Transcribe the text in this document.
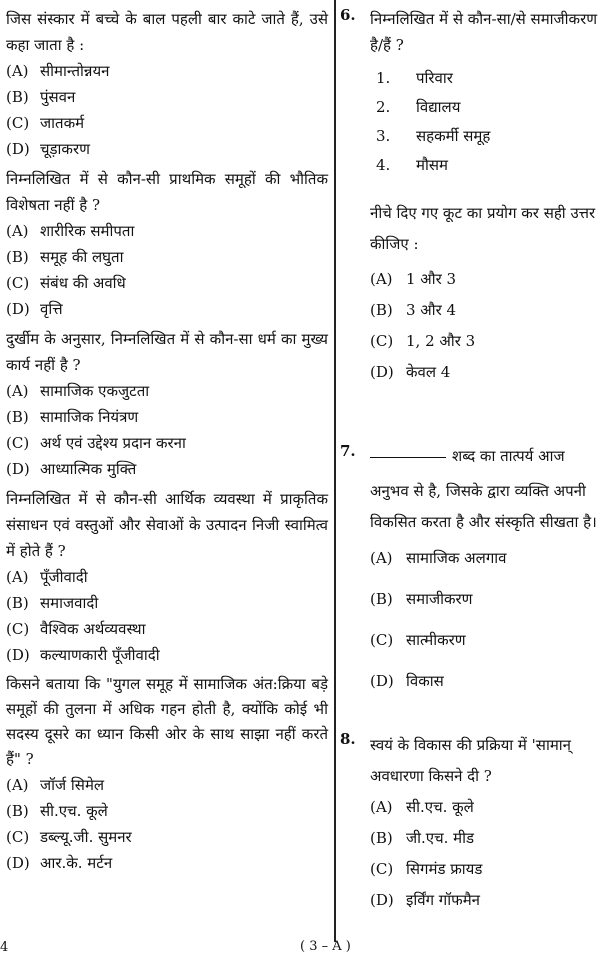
जिस संस्कार में बच्चे के बाल पहली बार काटे जाते हैं, उसे कहा जाता है :
(A) सीमान्तोन्नयन
(B) पुंसवन
(C) जातकर्म
(D) चूड़ाकरण
निम्नलिखित में से कौन-सी प्राथमिक समूहों की भौतिक विशेषता नहीं है ?
(A) शारीरिक समीपता
(B) समूह की लघुता
(C) संबंध की अवधि
(D) वृत्ति
दुर्खीम के अनुसार, निम्नलिखित में से कौन-सा धर्म का मुख्य कार्य नहीं है ?
(A) सामाजिक एकजुटता
(B) सामाजिक नियंत्रण
(C) अर्थ एवं उद्देश्य प्रदान करना
(D) आध्यात्मिक मुक्ति
निम्नलिखित में से कौन-सी आर्थिक व्यवस्था में प्राकृतिक संसाधन एवं वस्तुओं और सेवाओं के उत्पादन निजी स्वामित्व में होते हैं ?
(A) पूँजीवादी
(B) समाजवादी
(C) वैश्विक अर्थव्यवस्था
(D) कल्याणकारी पूँजीवादी
किसने बताया कि "युगल समूह में सामाजिक अंत:क्रिया बड़े समूहों की तुलना में अधिक गहन होती है, क्योंकि कोई भी सदस्य दूसरे का ध्यान किसी ओर के साथ साझा नहीं करते हैं" ?
(A) जॉर्ज सिमेल
(B) सी.एच. कूले
(C) डब्ल्यू.जी. सुमनर
(D) आर.के. मर्टन
6. निम्नलिखित में से कौन-सा/से समाजीकरण
है/हैं ?
1. परिवार
2. विद्यालय
3. सहकर्मी समूह
4. मौसम
नीचे दिए गए कूट का प्रयोग कर सही उत्तर
कीजिए :
(A) 1 और 3
(B) 3 और 4
(C) 1, 2 और 3
(D) केवल 4
7.	शब्द का तात्पर्य आज
अनुभव से है, जिसके द्वारा व्यक्ति अपनी
विकसित करता है और संस्कृति सीखता है।
(A) सामाजिक अलगाव
(B) समाजीकरण
(C) सात्मीकरण
(D) विकास
8. स्वयं के विकास की प्रक्रिया में 'सामान्
अवधारणा किसने दी ?
(A) सी.एच. कूले
(B) जी.एच. मीड
(C) सिगमंड फ्रायड
(D) इर्विंग गॉफमैन
4	( 3 – A )
